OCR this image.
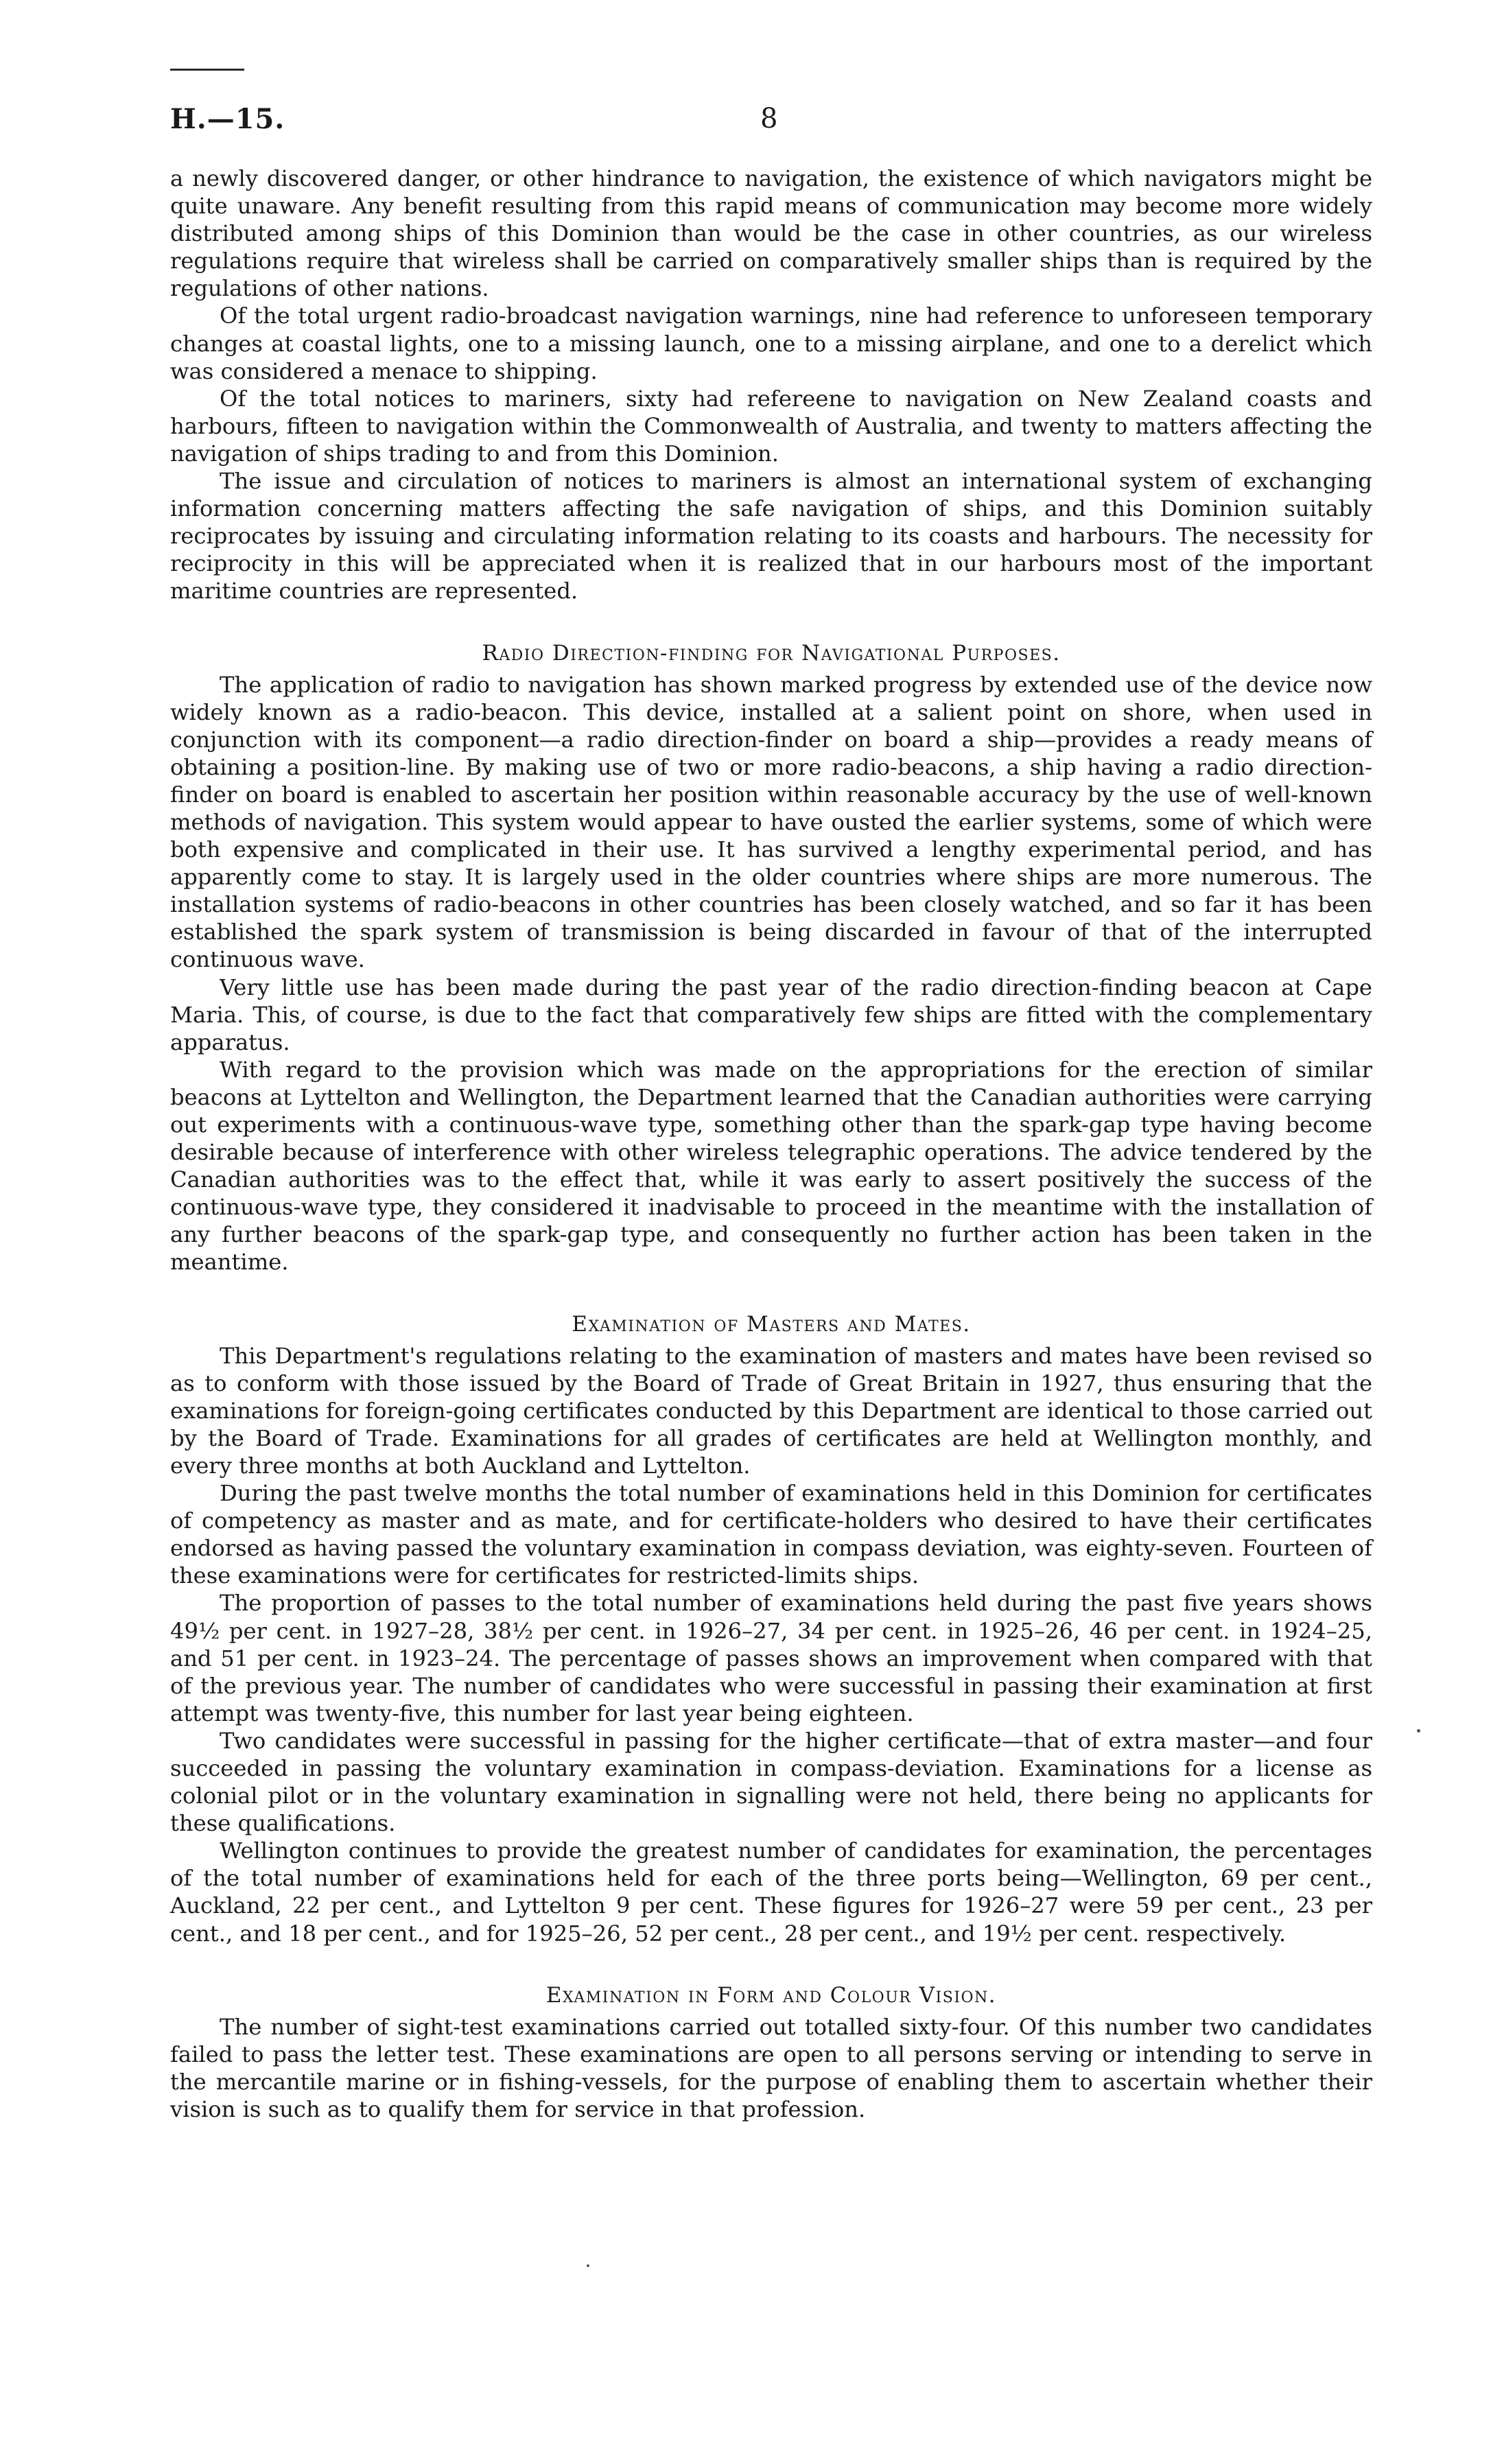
H.—15.	8

a newly discovered danger, or other hindrance to navigation, the existence of which navigators might be quite unaware. Any benefit resulting from this rapid means of communication may become more widely distributed among ships of this Dominion than would be the case in other countries, as our wireless regulations require that wireless shall be carried on comparatively smaller ships than is required by the regulations of other nations.

Of the total urgent radio-broadcast navigation warnings, nine had reference to unforeseen temporary changes at coastal lights, one to a missing launch, one to a missing airplane, and one to a derelict which was considered a menace to shipping.

Of the total notices to mariners, sixty had refereene to navigation on New Zealand coasts and harbours, fifteen to navigation within the Commonwealth of Australia, and twenty to matters affecting the navigation of ships trading to and from this Dominion.

The issue and circulation of notices to mariners is almost an international system of exchanging information concerning matters affecting the safe navigation of ships, and this Dominion suitably reciprocates by issuing and circulating information relating to its coasts and harbours. The necessity for reciprocity in this will be appreciated when it is realized that in our harbours most of the important maritime countries are represented.

Radio Direction-finding for Navigational Purposes.

The application of radio to navigation has shown marked progress by extended use of the device now widely known as a radio-beacon. This device, installed at a salient point on shore, when used in conjunction with its component—a radio direction-finder on board a ship—provides a ready means of obtaining a position-line. By making use of two or more radio-beacons, a ship having a radio direction-finder on board is enabled to ascertain her position within reasonable accuracy by the use of well-known methods of navigation. This system would appear to have ousted the earlier systems, some of which were both expensive and complicated in their use. It has survived a lengthy experimental period, and has apparently come to stay. It is largely used in the older countries where ships are more numerous. The installation systems of radio-beacons in other countries has been closely watched, and so far it has been established the spark system of transmission is being discarded in favour of that of the interrupted continuous wave.

Very little use has been made during the past year of the radio direction-finding beacon at Cape Maria. This, of course, is due to the fact that comparatively few ships are fitted with the complementary apparatus.

With regard to the provision which was made on the appropriations for the erection of similar beacons at Lyttelton and Wellington, the Department learned that the Canadian authorities were carrying out experiments with a continuous-wave type, something other than the spark-gap type having become desirable because of interference with other wireless telegraphic operations. The advice tendered by the Canadian authorities was to the effect that, while it was early to assert positively the success of the continuous-wave type, they considered it inadvisable to proceed in the meantime with the installation of any further beacons of the spark-gap type, and consequently no further action has been taken in the meantime.

Examination of Masters and Mates.

This Department's regulations relating to the examination of masters and mates have been revised so as to conform with those issued by the Board of Trade of Great Britain in 1927, thus ensuring that the examinations for foreign-going certificates conducted by this Department are identical to those carried out by the Board of Trade. Examinations for all grades of certificates are held at Wellington monthly, and every three months at both Auckland and Lyttelton.

During the past twelve months the total number of examinations held in this Dominion for certificates of competency as master and as mate, and for certificate-holders who desired to have their certificates endorsed as having passed the voluntary examination in compass deviation, was eighty-seven. Fourteen of these examinations were for certificates for restricted-limits ships.

The proportion of passes to the total number of examinations held during the past five years shows 49½ per cent. in 1927–28, 38½ per cent. in 1926–27, 34 per cent. in 1925–26, 46 per cent. in 1924–25, and 51 per cent. in 1923–24. The percentage of passes shows an improvement when compared with that of the previous year. The number of candidates who were successful in passing their examination at first attempt was twenty-five, this number for last year being eighteen.

Two candidates were successful in passing for the higher certificate—that of extra master—and four succeeded in passing the voluntary examination in compass-deviation. Examinations for a license as colonial pilot or in the voluntary examination in signalling were not held, there being no applicants for these qualifications.

Wellington continues to provide the greatest number of candidates for examination, the percentages of the total number of examinations held for each of the three ports being—Wellington, 69 per cent., Auckland, 22 per cent., and Lyttelton 9 per cent. These figures for 1926–27 were 59 per cent., 23 per cent., and 18 per cent., and for 1925–26, 52 per cent., 28 per cent., and 19½ per cent. respectively.

Examination in Form and Colour Vision.

The number of sight-test examinations carried out totalled sixty-four. Of this number two candidates failed to pass the letter test. These examinations are open to all persons serving or intending to serve in the mercantile marine or in fishing-vessels, for the purpose of enabling them to ascertain whether their vision is such as to qualify them for service in that profession.
